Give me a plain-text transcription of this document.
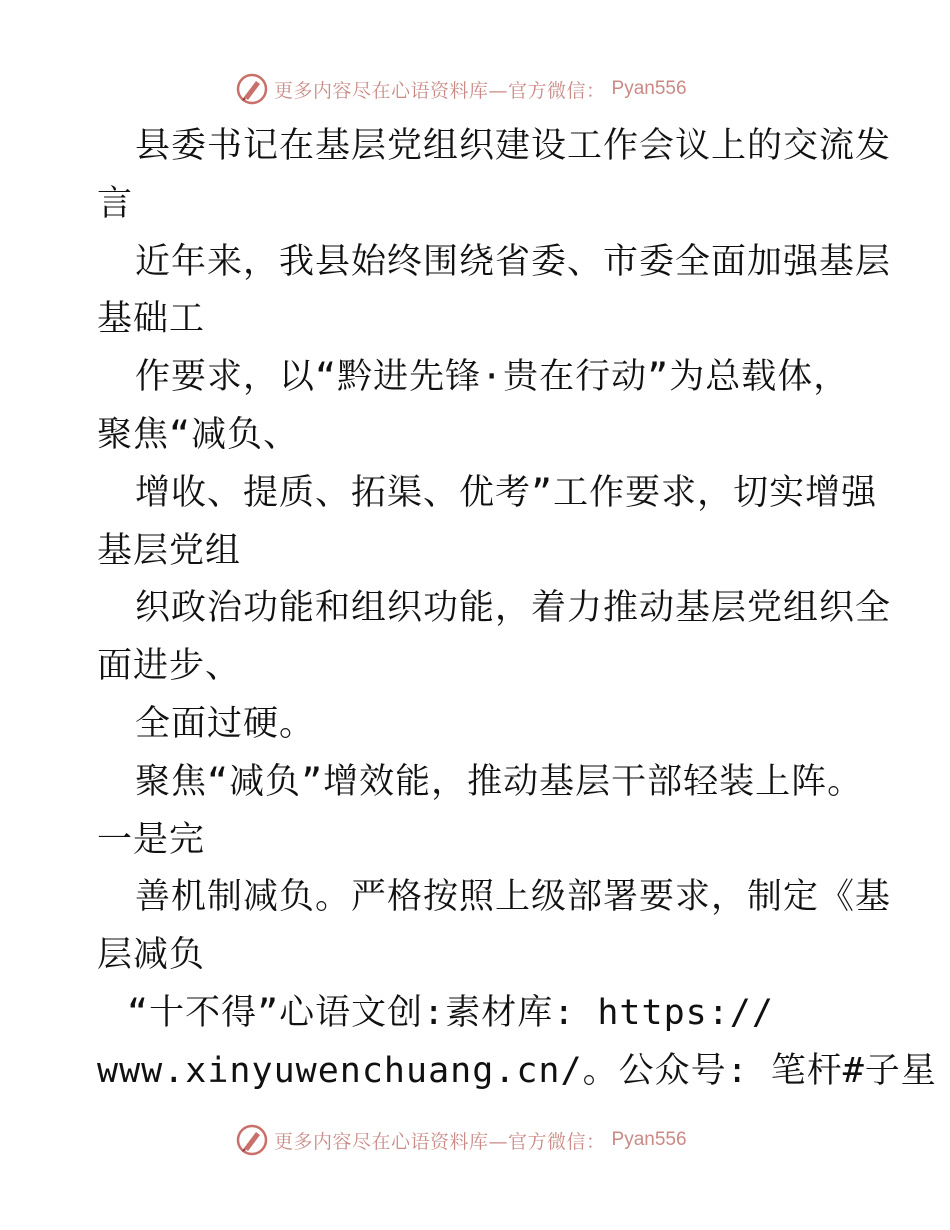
更多内容尽在心语资料库—官方微信： Pyan556
县委书记在基层党组织建设工作会议上的交流发
言
近年来，我县始终围绕省委、市委全面加强基层
基础工
作要求，以“黔进先锋·贵在行动”为总载体，
聚焦“减负、
增收、提质、拓渠、优考”工作要求，切实增强
基层党组
织政治功能和组织功能，着力推动基层党组织全
面进步、
全面过硬。
聚焦“减负”增效能，推动基层干部轻装上阵。
一是完
善机制减负。严格按照上级部署要求，制定《基
层减负
“十不得”心语文创:素材库: https://
www.xinyuwenchuang.cn/。公众号: 笔杆#子星
更多内容尽在心语资料库—官方微信： Pyan556
